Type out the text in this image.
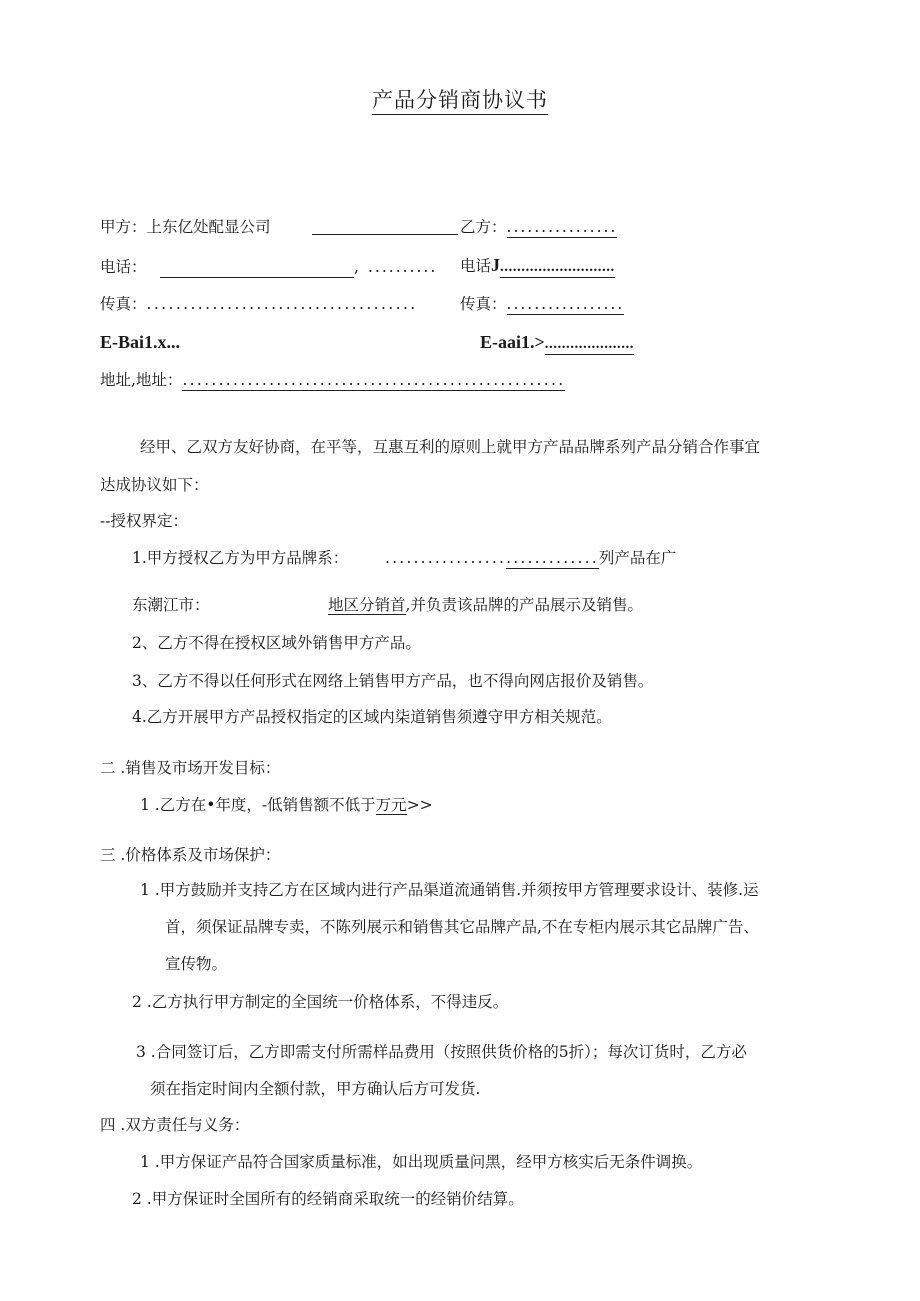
产品分销商协议书
甲方：上东亿处配显公司	乙方：................
电话：	, .......... 电话J...........................
传真：.....................................	传真：.................
E-Bai1.x...	E-aai1.>.....................
地址,地址：.....................................................
经甲、乙双方友好协商，在平等，互惠互利的原则上就甲方产品品牌系列产品分销合作事宜
达成协议如下：
--授权界定：
1.甲方授权乙方为甲方品牌系： ..............................列产品在广
东潮江市：	地区分销首,并负责该品牌的产品展示及销售。
2、乙方不得在授权区域外销售甲方产品。
3、乙方不得以任何形式在网络上销售甲方产品，也不得向网店报价及销售。
4.乙方开展甲方产品授权指定的区域内柒道销售须遵守甲方相关规范。
二 .销售及市场开发目标：
1 .乙方在•年度，-低销售额不低于万元>>
三 .价格体系及市场保护：
1 .甲方鼓励并支持乙方在区域内进行产品渠道流通销售.并须按甲方管理要求设计、装修.运
首，须保证品牌专卖，不陈列展示和销售其它品牌产品,不在专柜内展示其它品牌广告、
宣传物。
2 .乙方执行甲方制定的全国统一价格体系，不得违反。
3 .合同签订后，乙方即需支付所需样品费用（按照供货价格的5折）；每次订货时，乙方必
须在指定时间内全额付款，甲方确认后方可发货.
四 .双方责任与义务：
1 .甲方保证产品符合国家质量标准，如出现质量问黑，经甲方核实后无条件调换。
2 .甲方保证时全国所有的经销商采取统一的经销价结算。
